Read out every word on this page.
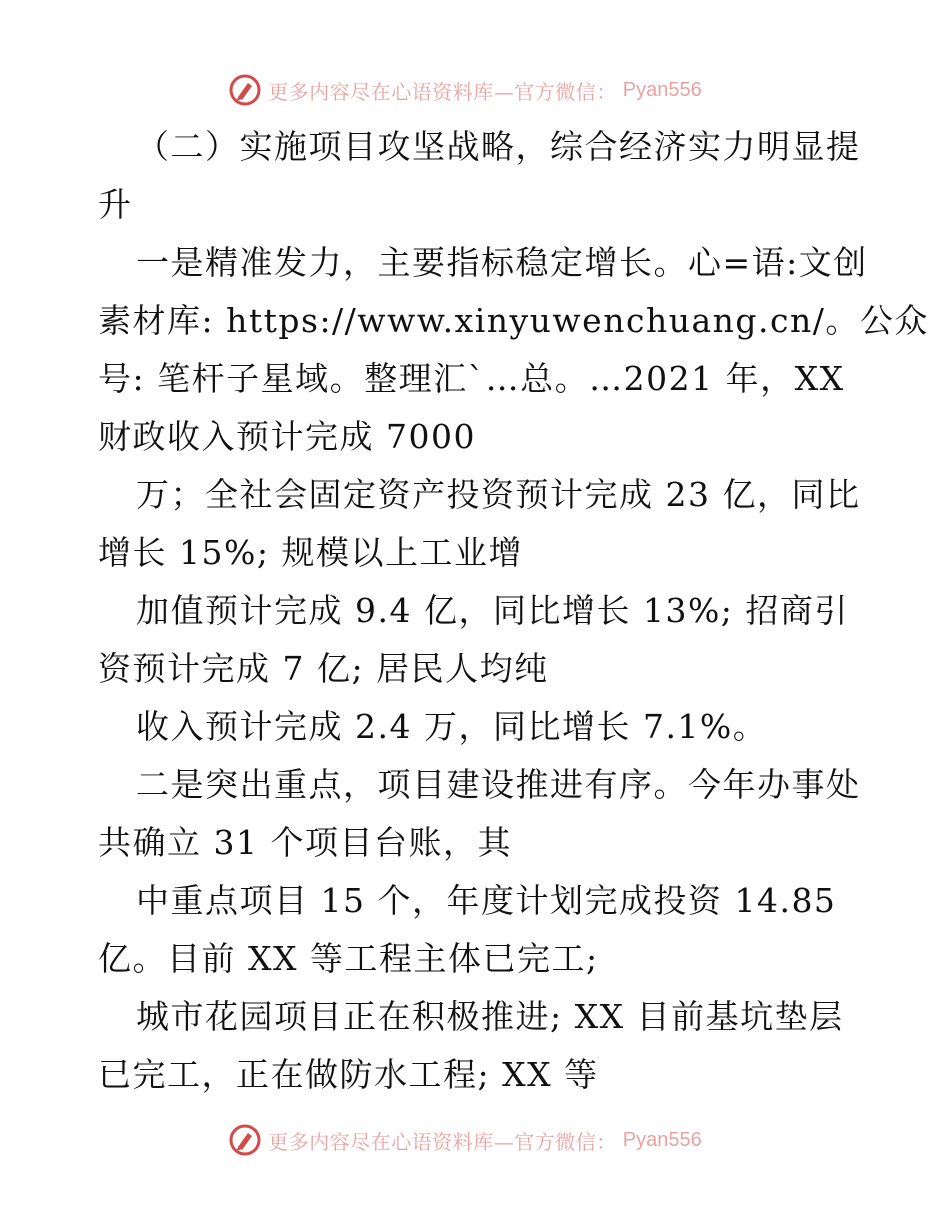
更多内容尽在心语资料库—官方微信： Pyan556
（二）实施项目攻坚战略，综合经济实力明显提
升
一是精准发力，主要指标稳定增长。心=语:文创
素材库: https://www.xinyuwenchuang.cn/。公众
号: 笔杆子星域。整理汇`…总。…2021 年，XX
财政收入预计完成 7000
万；全社会固定资产投资预计完成 23 亿，同比
增长 15%; 规模以上工业增
加值预计完成 9.4 亿，同比增长 13%; 招商引
资预计完成 7 亿; 居民人均纯
收入预计完成 2.4 万，同比增长 7.1%。
二是突出重点，项目建设推进有序。今年办事处
共确立 31 个项目台账，其
中重点项目 15 个，年度计划完成投资 14.85
亿。目前 XX 等工程主体已完工;
城市花园项目正在积极推进; XX 目前基坑垫层
已完工，正在做防水工程; XX 等
更多内容尽在心语资料库—官方微信： Pyan556
